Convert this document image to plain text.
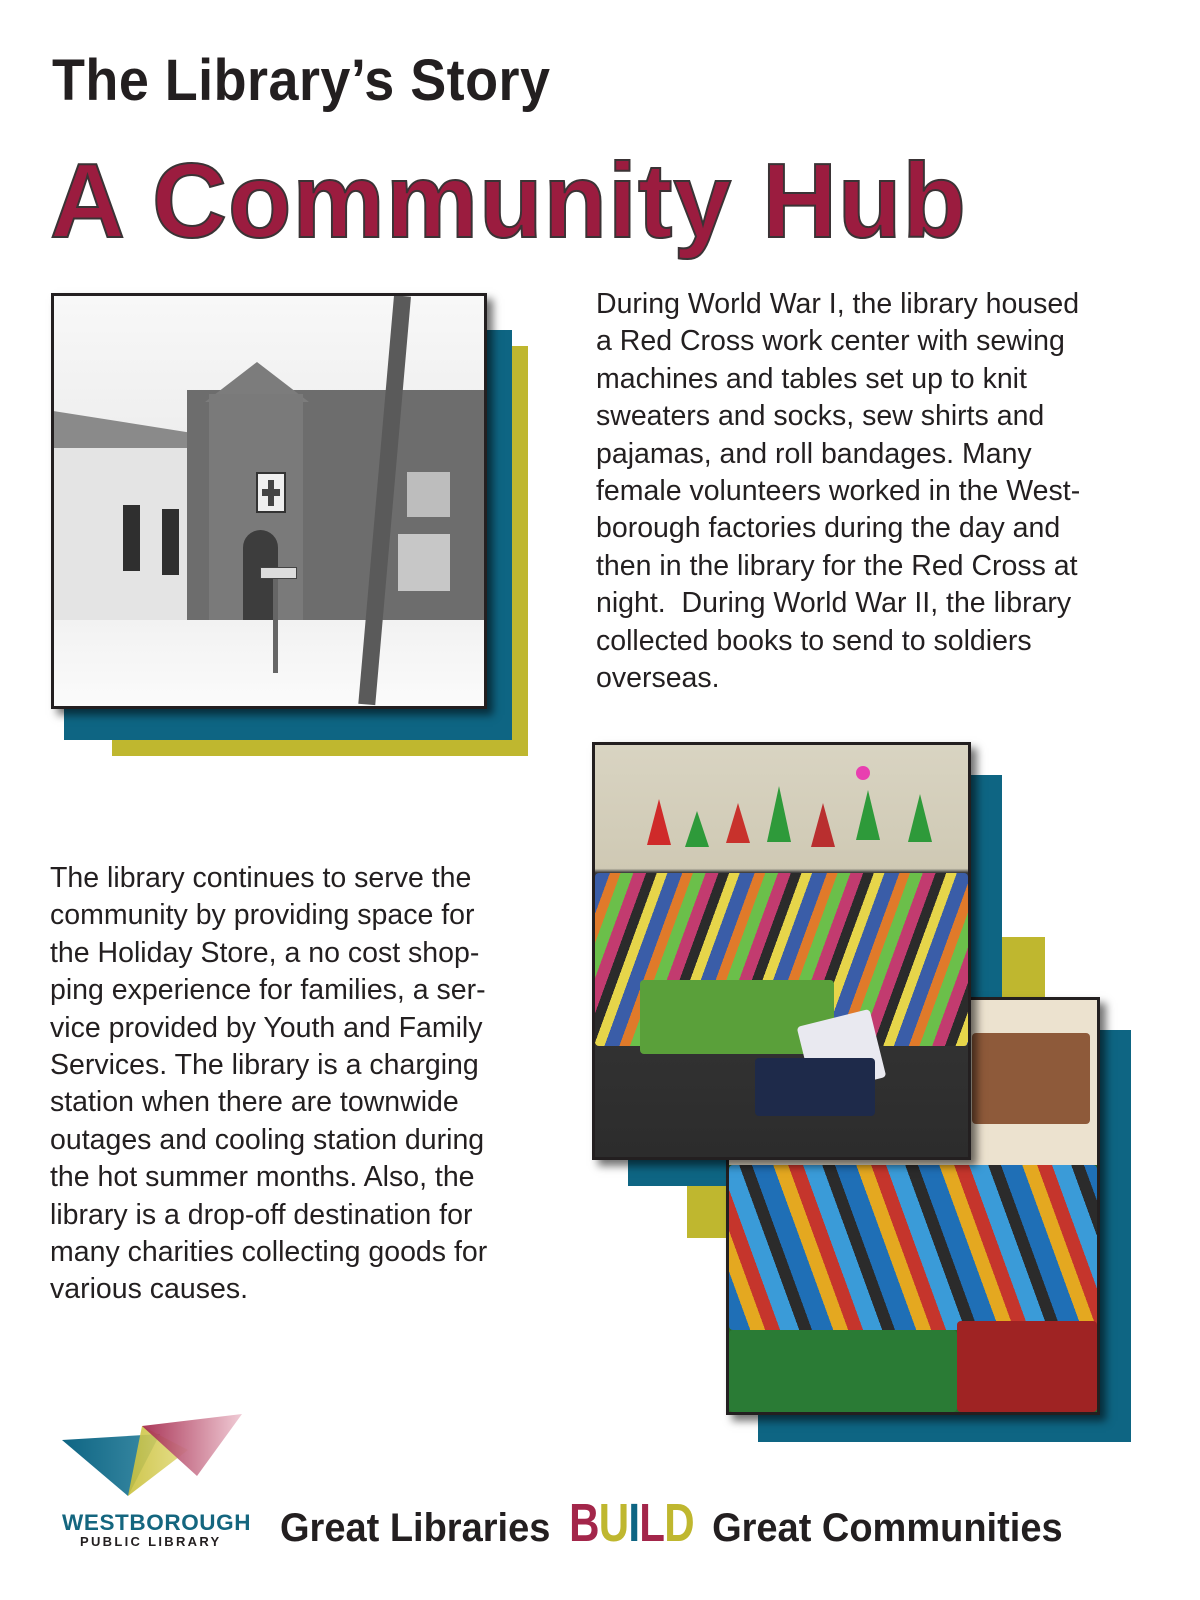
The Library’s Story
A Community Hub
During World War I, the library housed
a Red Cross work center with sewing
machines and tables set up to knit
sweaters and socks, sew shirts and
pajamas, and roll bandages. Many
female volunteers worked in the West-
borough factories during the day and
then in the library for the Red Cross at
night.  During World War II, the library
collected books to send to soldiers
overseas.
The library continues to serve the
community by providing space for
the Holiday Store, a no cost shop-
ping experience for families, a ser-
vice provided by Youth and Family
Services. The library is a charging
station when there are townwide
outages and cooling station during
the hot summer months. Also, the
library is a drop-off destination for
many charities collecting goods for
various causes.
WESTBOROUGH
PUBLIC LIBRARY Great Libraries BUILD Great Communities
